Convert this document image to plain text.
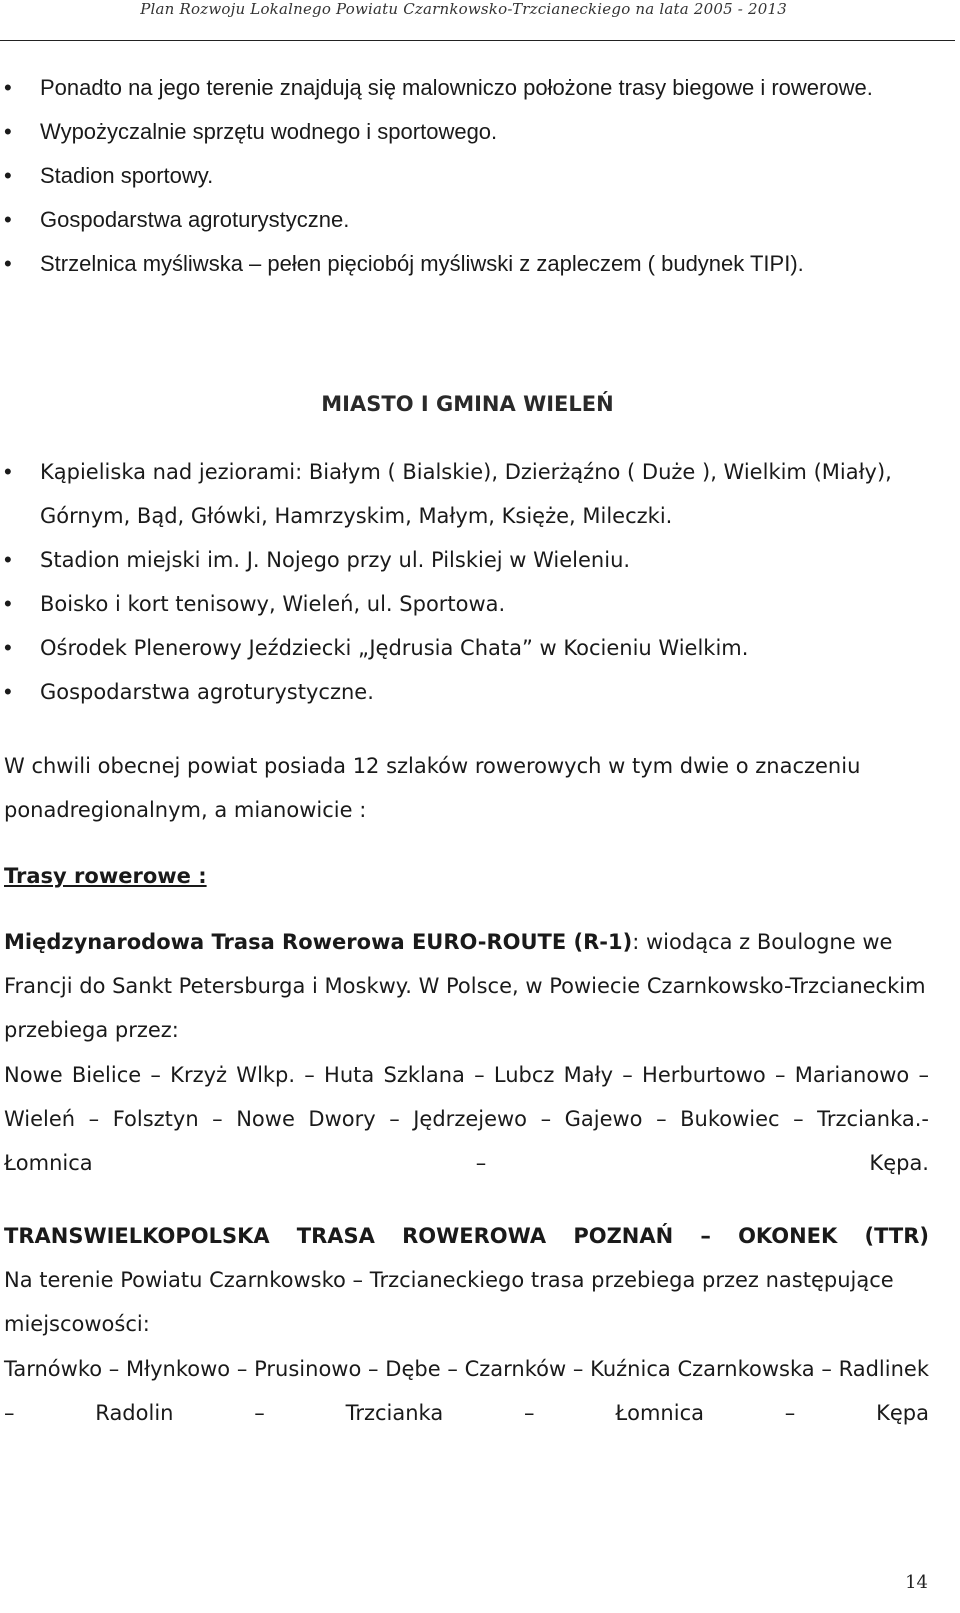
Plan Rozwoju Lokalnego Powiatu Czarnkowsko-Trzcianeckiego na lata 2005 - 2013
• Ponadto na jego terenie znajdują się malowniczo położone trasy biegowe i rowerowe.
• Wypożyczalnie sprzętu wodnego i sportowego.
• Stadion sportowy.
• Gospodarstwa agroturystyczne.
• Strzelnica myśliwska – pełen pięciobój myśliwski z zapleczem ( budynek TIPI).
MIASTO I GMINA WIELEŃ
• Kąpieliska nad jeziorami: Białym ( Bialskie), Dzierżąźno ( Duże ), Wielkim (Miały), Górnym, Bąd, Główki, Hamrzyskim, Małym, Księże, Mileczki.
• Stadion miejski im. J. Nojego przy ul. Pilskiej w Wieleniu.
• Boisko i kort tenisowy, Wieleń, ul. Sportowa.
• Ośrodek Plenerowy Jeździecki „Jędrusia Chata” w Kocieniu Wielkim.
• Gospodarstwa agroturystyczne.

W chwili obecnej powiat posiada 12 szlaków rowerowych w tym dwie o znaczeniu ponadregionalnym, a mianowicie :

Trasy rowerowe :

Międzynarodowa Trasa Rowerowa EURO-ROUTE (R-1): wiodąca z Boulogne we Francji do Sankt Petersburga i Moskwy. W Polsce, w Powiecie Czarnkowsko-Trzcianeckim przebiega przez:

Nowe Bielice – Krzyż Wlkp. – Huta Szklana – Lubcz Mały – Herburtowo – Marianowo – Wieleń – Folsztyn – Nowe Dwory – Jędrzejewo – Gajewo – Bukowiec – Trzcianka.- Łomnica – Kępa.

TRANSWIELKOPOLSKA TRASA ROWEROWA POZNAŃ – OKONEK (TTR)

Na terenie Powiatu Czarnkowsko – Trzcianeckiego trasa przebiega przez następujące miejscowości:

Tarnówko – Młynkowo – Prusinowo – Dębe – Czarnków – Kuźnica Czarnkowska – Radlinek – Radolin – Trzcianka – Łomnica – Kępa

14
